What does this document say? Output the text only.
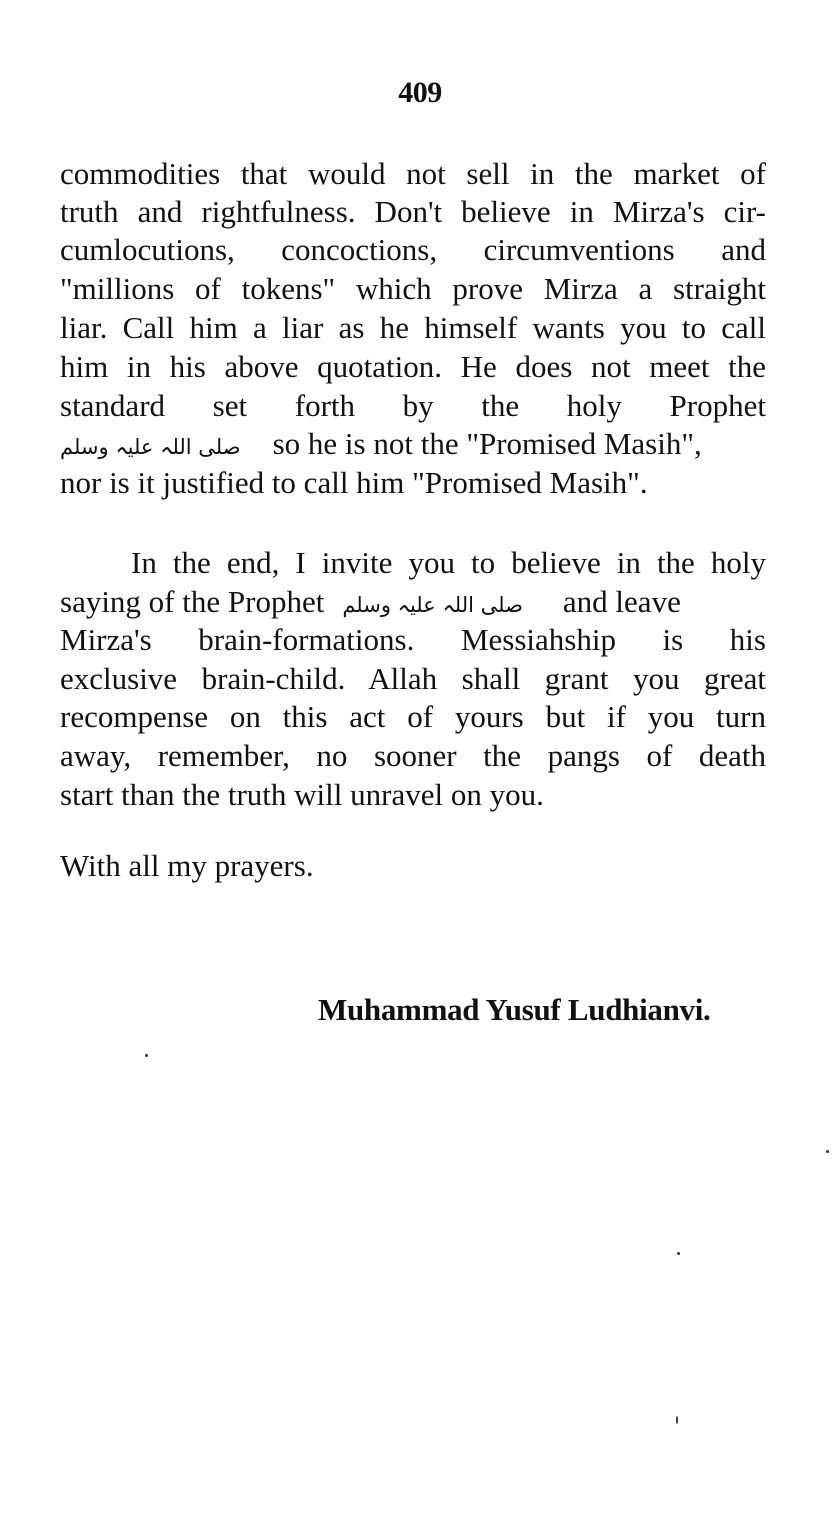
409

commodities that would not sell in the market of

truth and rightfulness. Don't believe in Mirza's cir-

cumlocutions, concoctions, circumventions and

"millions of tokens" which prove Mirza a straight

liar. Call him a liar as he himself wants you to call

him in his above quotation. He does not meet the

standard set forth by the holy Prophet

صلی اللہ علیہ وسلم so he is not the "Promised Masih",

nor is it justified to call him "Promised Masih".

In the end, I invite you to believe in the holy

saying of the Prophet صلی اللہ علیہ وسلم and leave

Mirza's brain-formations. Messiahship is his

exclusive brain-child. Allah shall grant you great

recompense on this act of yours but if you turn

away, remember, no sooner the pangs of death

start than the truth will unravel on you.

With all my prayers.

Muhammad Yusuf Ludhianvi.
